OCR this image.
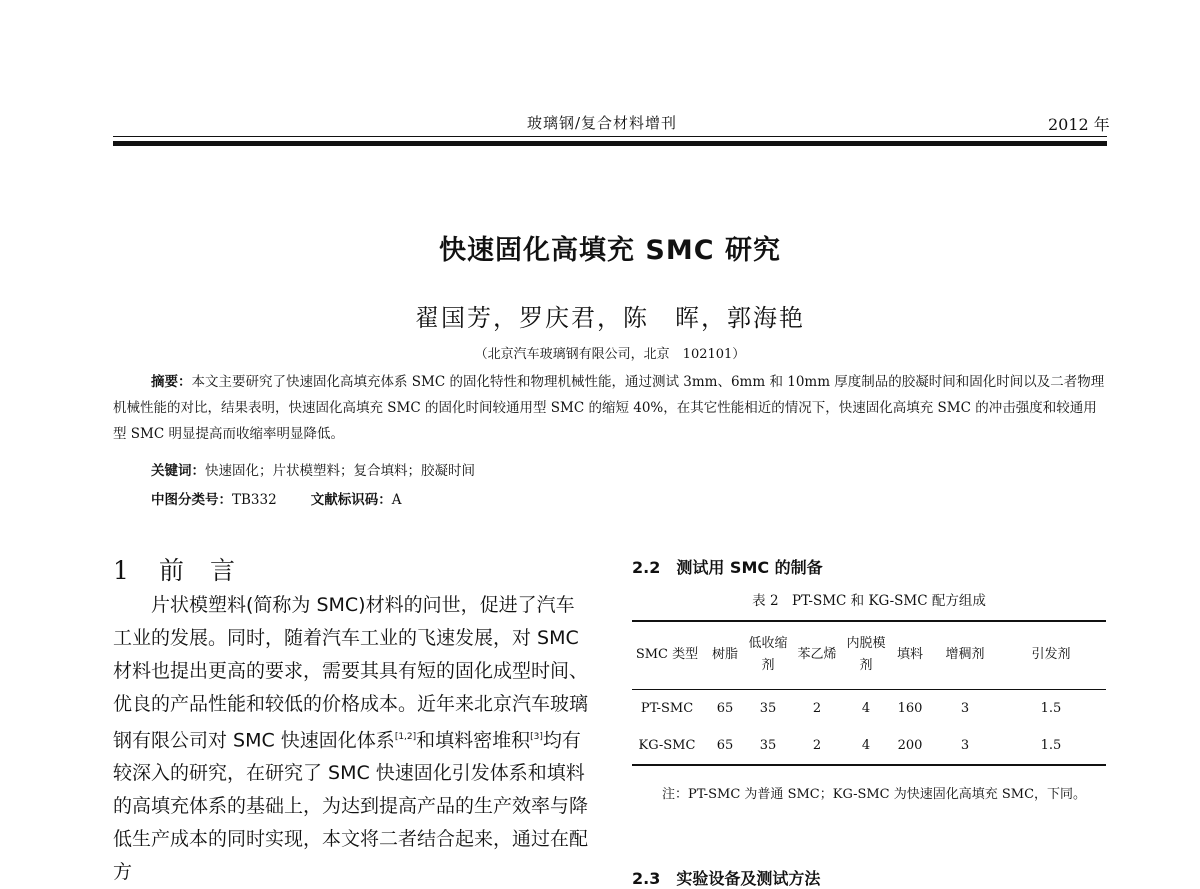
玻璃钢/复合材料增刊	2012 年
快速固化高填充 SMC 研究
翟国芳，罗庆君，陈　晖，郭海艳
（北京汽车玻璃钢有限公司，北京　102101）

摘要：本文主要研究了快速固化高填充体系 SMC 的固化特性和物理机械性能，通过测试 3mm、6mm 和 10mm 厚度制品的胶凝时间和固化时间以及二者物理机械性能的对比，结果表明，快速固化高填充 SMC 的固化时间较通用型 SMC 的缩短 40%，在其它性能相近的情况下，快速固化高填充 SMC 的冲击强度和较通用型 SMC 明显提高而收缩率明显降低。

关键词：快速固化；片状模塑料；复合填料；胶凝时间
中图分类号：TB332	文献标识码：A
1 前言

片状模塑料(简称为 SMC)材料的问世，促进了汽车工业的发展。同时，随着汽车工业的飞速发展，对 SMC 材料也提出更高的要求，需要其具有短的固化成型时间、优良的产品性能和较低的价格成本。近年来北京汽车玻璃钢有限公司对 SMC 快速固化体系[1,2]和填料密堆积[3]均有较深入的研究，在研究了 SMC 快速固化引发体系和填料的高填充体系的基础上，为达到提高产品的生产效率与降低生产成本的同时实现，本文将二者结合起来，通过在配方

2.2　测试用 SMC 的制备
表 2　PT-SMC 和 KG-SMC 配方组成
SMC 类型	树脂	低收缩剂	苯乙烯	内脱模剂	填料	增稠剂	引发剂
PT-SMC	65	35	2	4	160	3	1.5
KG-SMC	65	35	2	4	200	3	1.5

注：PT-SMC 为普通 SMC；KG-SMC 为快速固化高填充 SMC，下同。

2.3　实验设备及测试方法
